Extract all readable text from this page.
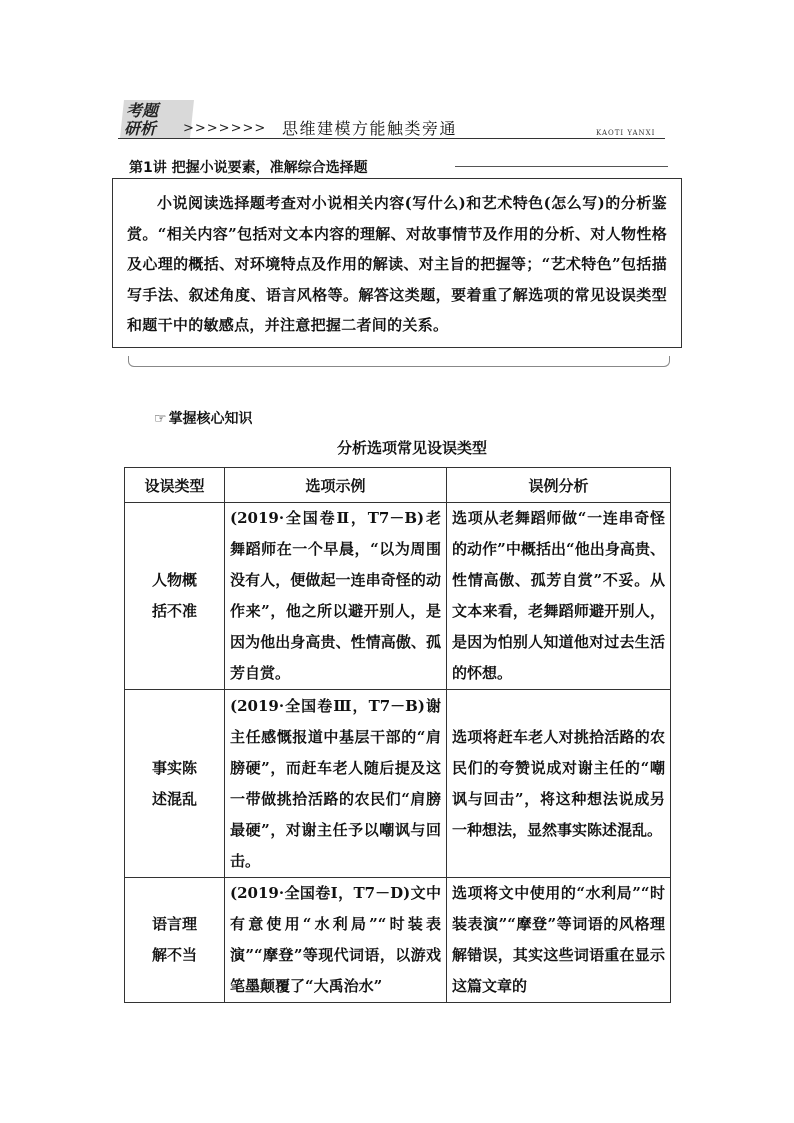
考题
研析 >>>>>>> 思维建模方能触类旁通	KAOTI YANXI
第1讲 把握小说要素，准解综合选择题

小说阅读选择题考查对小说相关内容(写什么)和艺术特色(怎么写)的分析鉴赏。“相关内容”包括对文本内容的理解、对故事情节及作用的分析、对人物性格及心理的概括、对环境特点及作用的解读、对主旨的把握等；“艺术特色”包括描写手法、叙述角度、语言风格等。解答这类题，要着重了解选项的常见设误类型和题干中的敏感点，并注意把握二者间的关系。

☞ 掌握核心知识
分析选项常见设误类型
设误类型	选项示例	误例分析
人物概括不准	(2019·全国卷Ⅱ，T7－B)老舞蹈师在一个早晨，“以为周围没有人，便做起一连串奇怪的动作来”，他之所以避开别人，是因为他出身高贵、性情高傲、孤芳自赏。	选项从老舞蹈师做“一连串奇怪的动作”中概括出“他出身高贵、性情高傲、孤芳自赏”不妥。从文本来看，老舞蹈师避开别人，是因为怕别人知道他对过去生活的怀想。
事实陈述混乱	(2019·全国卷Ⅲ，T7－B)谢主任感慨报道中基层干部的“肩膀硬”，而赶车老人随后提及这一带做挑拾活路的农民们“肩膀最硬”，对谢主任予以嘲讽与回击。	选项将赶车老人对挑拾活路的农民们的夸赞说成对谢主任的“嘲讽与回击”，将这种想法说成另一种想法，显然事实陈述混乱。
语言理解不当	(2019·全国卷Ⅰ，T7－D)文中有意使用“水利局”“时装表演”“摩登”等现代词语，以游戏笔墨颠覆了“大禹治水”	选项将文中使用的“水利局”“时装表演”“摩登”等词语的风格理解错误，其实这些词语重在显示这篇文章的
